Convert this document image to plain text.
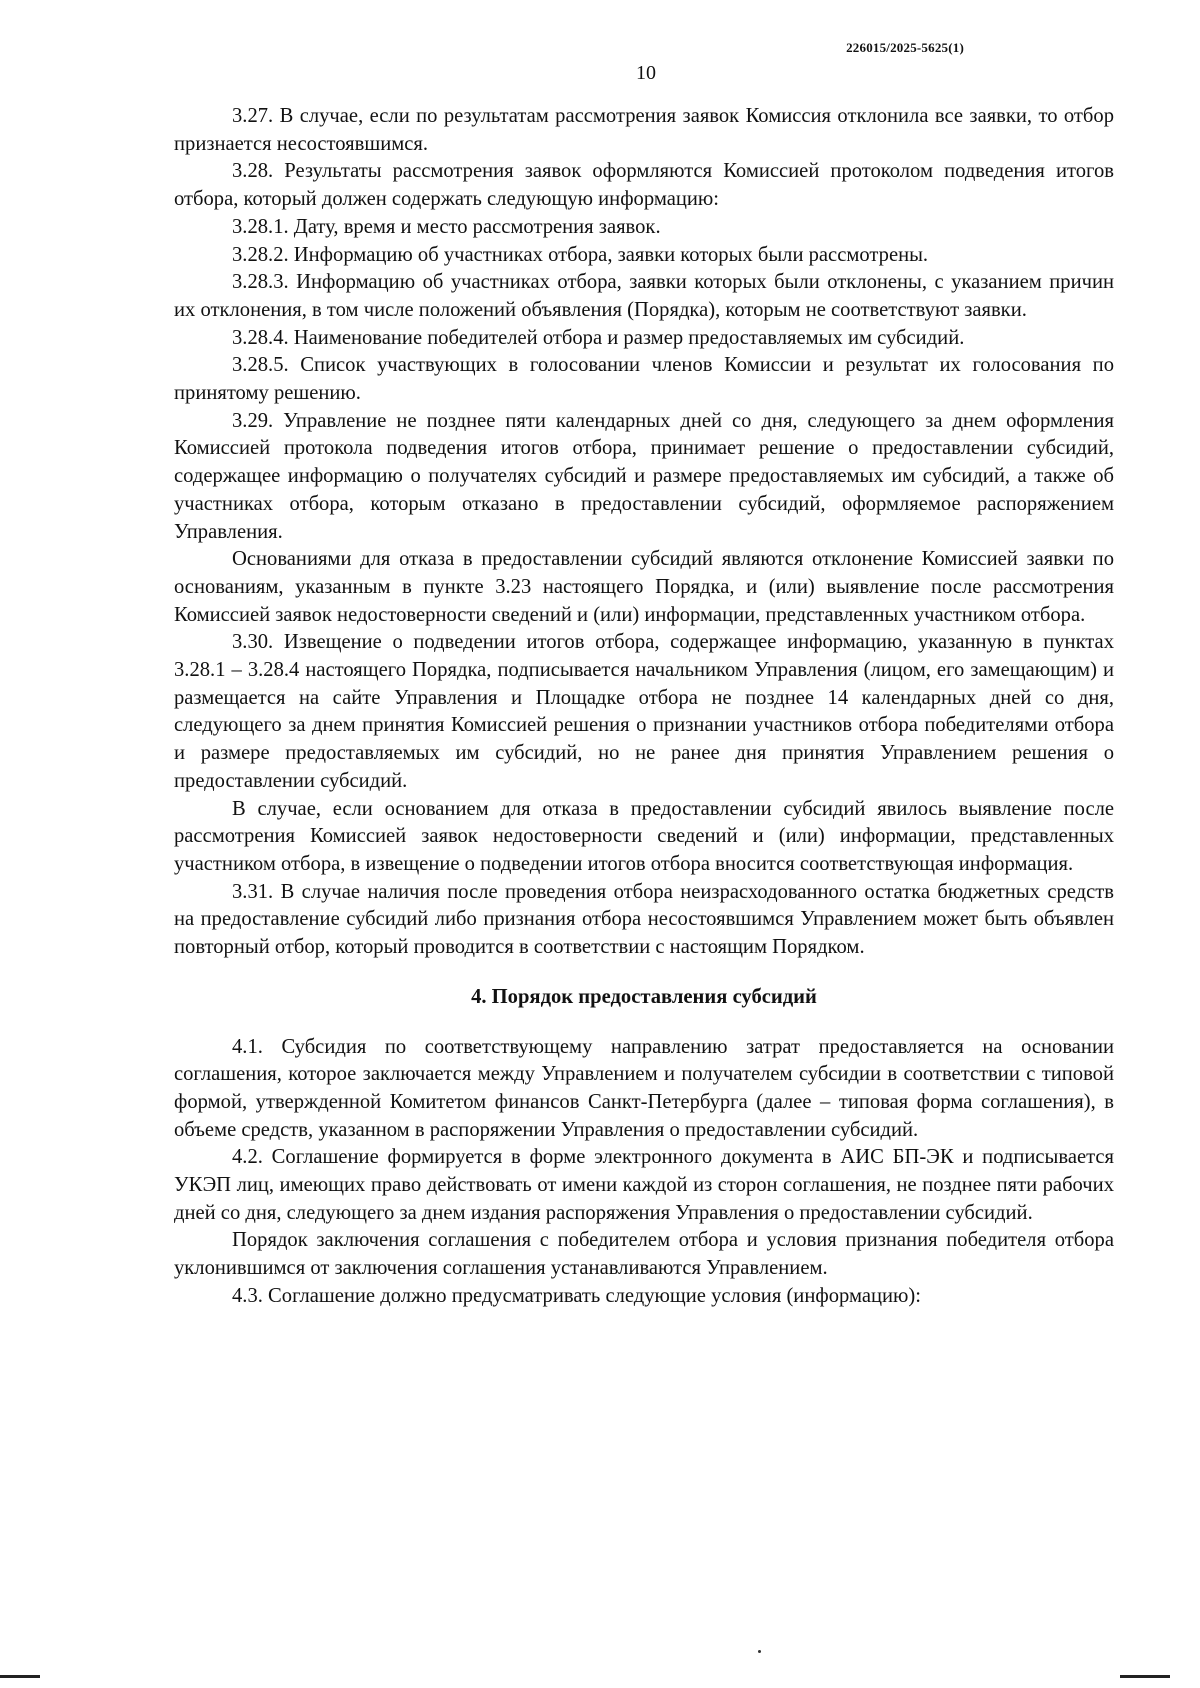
226015/2025-5625(1)
10

3.27. В случае, если по результатам рассмотрения заявок Комиссия отклонила все заявки, то отбор признается несостоявшимся.

3.28. Результаты рассмотрения заявок оформляются Комиссией протоколом подведения итогов отбора, который должен содержать следующую информацию:

3.28.1. Дату, время и место рассмотрения заявок.

3.28.2. Информацию об участниках отбора, заявки которых были рассмотрены.

3.28.3. Информацию об участниках отбора, заявки которых были отклонены, с указанием причин их отклонения, в том числе положений объявления (Порядка), которым не соответствуют заявки.

3.28.4. Наименование победителей отбора и размер предоставляемых им субсидий.

3.28.5. Список участвующих в голосовании членов Комиссии и результат их голосования по принятому решению.

3.29. Управление не позднее пяти календарных дней со дня, следующего за днем оформления Комиссией протокола подведения итогов отбора, принимает решение о предоставлении субсидий, содержащее информацию о получателях субсидий и размере предоставляемых им субсидий, а также об участниках отбора, которым отказано в предоставлении субсидий, оформляемое распоряжением Управления.

Основаниями для отказа в предоставлении субсидий являются отклонение Комиссией заявки по основаниям, указанным в пункте 3.23 настоящего Порядка, и (или) выявление после рассмотрения Комиссией заявок недостоверности сведений и (или) информации, представленных участником отбора.

3.30. Извещение о подведении итогов отбора, содержащее информацию, указанную в пунктах 3.28.1 – 3.28.4 настоящего Порядка, подписывается начальником Управления (лицом, его замещающим) и размещается на сайте Управления и Площадке отбора не позднее 14 календарных дней со дня, следующего за днем принятия Комиссией решения о признании участников отбора победителями отбора и размере предоставляемых им субсидий, но не ранее дня принятия Управлением решения о предоставлении субсидий.

В случае, если основанием для отказа в предоставлении субсидий явилось выявление после рассмотрения Комиссией заявок недостоверности сведений и (или) информации, представленных участником отбора, в извещение о подведении итогов отбора вносится соответствующая информация.

3.31. В случае наличия после проведения отбора неизрасходованного остатка бюджетных средств на предоставление субсидий либо признания отбора несостоявшимся Управлением может быть объявлен повторный отбор, который проводится в соответствии с настоящим Порядком.

4. Порядок предоставления субсидий

4.1. Субсидия по соответствующему направлению затрат предоставляется на основании соглашения, которое заключается между Управлением и получателем субсидии в соответствии с типовой формой, утвержденной Комитетом финансов Санкт-Петербурга (далее – типовая форма соглашения), в объеме средств, указанном в распоряжении Управления о предоставлении субсидий.

4.2. Соглашение формируется в форме электронного документа в АИС БП-ЭК и подписывается УКЭП лиц, имеющих право действовать от имени каждой из сторон соглашения, не позднее пяти рабочих дней со дня, следующего за днем издания распоряжения Управления о предоставлении субсидий.

Порядок заключения соглашения с победителем отбора и условия признания победителя отбора уклонившимся от заключения соглашения устанавливаются Управлением.

4.3. Соглашение должно предусматривать следующие условия (информацию):
